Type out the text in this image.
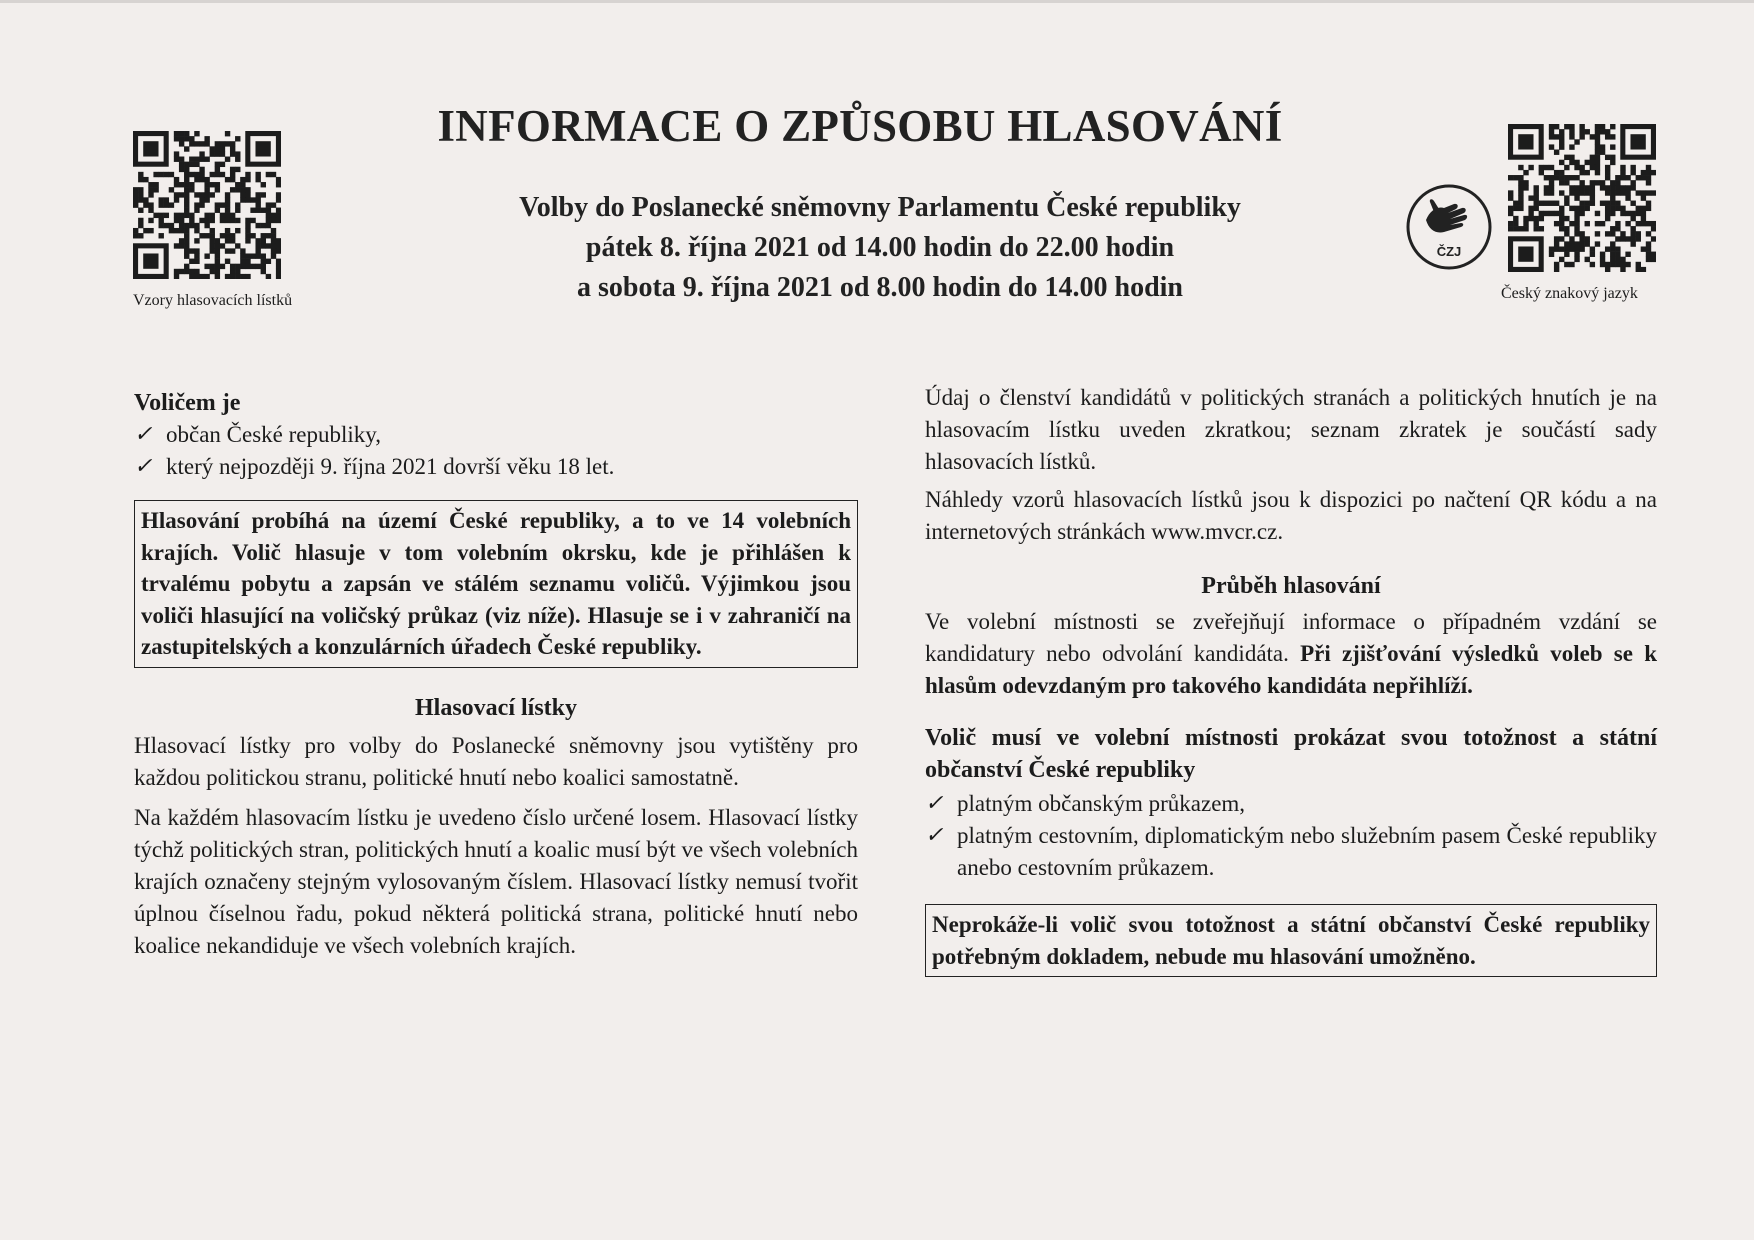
Vzory hlasovacích lístků
INFORMACE O ZPŮSOBU HLASOVÁNÍ
Volby do Poslanecké sněmovny Parlamentu České republiky
pátek 8. října 2021 od 14.00 hodin do 22.00 hodin
a sobota 9. října 2021 od 8.00 hodin do 14.00 hodin
ČZJ
Český znakový jazyk
Voličem je
✓ občan České republiky,
✓ který nejpozději 9. října 2021 dovrší věku 18 let.
Hlasování probíhá na území České republiky, a to ve 14 volebních krajích. Volič hlasuje v tom volebním okrsku, kde je přihlášen k trvalému pobytu a zapsán ve stálém seznamu voličů. Výjimkou jsou voliči hlasující na voličský průkaz (viz níže). Hlasuje se i v zahraničí na zastupitelských a konzulárních úřadech České republiky.
Hlasovací lístky

Hlasovací lístky pro volby do Poslanecké sněmovny jsou vytištěny pro každou politickou stranu, politické hnutí nebo koalici samostatně.

Na každém hlasovacím lístku je uvedeno číslo určené losem. Hlasovací lístky týchž politických stran, politických hnutí a koalic musí být ve všech volebních krajích označeny stejným vylosovaným číslem. Hlasovací lístky nemusí tvořit úplnou číselnou řadu, pokud některá politická strana, politické hnutí nebo koalice nekandiduje ve všech volebních krajích.

Údaj o členství kandidátů v politických stranách a politických hnutích je na hlasovacím lístku uveden zkratkou; seznam zkratek je součástí sady hlasovacích lístků.

Náhledy vzorů hlasovacích lístků jsou k dispozici po načtení QR kódu a na internetových stránkách www.mvcr.cz.

Průběh hlasování

Ve volební místnosti se zveřejňují informace o případném vzdání se kandidatury nebo odvolání kandidáta. Při zjišťování výsledků voleb se k hlasům odevzdaným pro takového kandidáta nepřihlíží.

Volič musí ve volební místnosti prokázat svou totožnost a státní občanství České republiky
✓ platným občanským průkazem,
✓ platným cestovním, diplomatickým nebo služebním pasem České republiky anebo cestovním průkazem.
Neprokáže-li volič svou totožnost a státní občanství České republiky potřebným dokladem, nebude mu hlasování umožněno.
